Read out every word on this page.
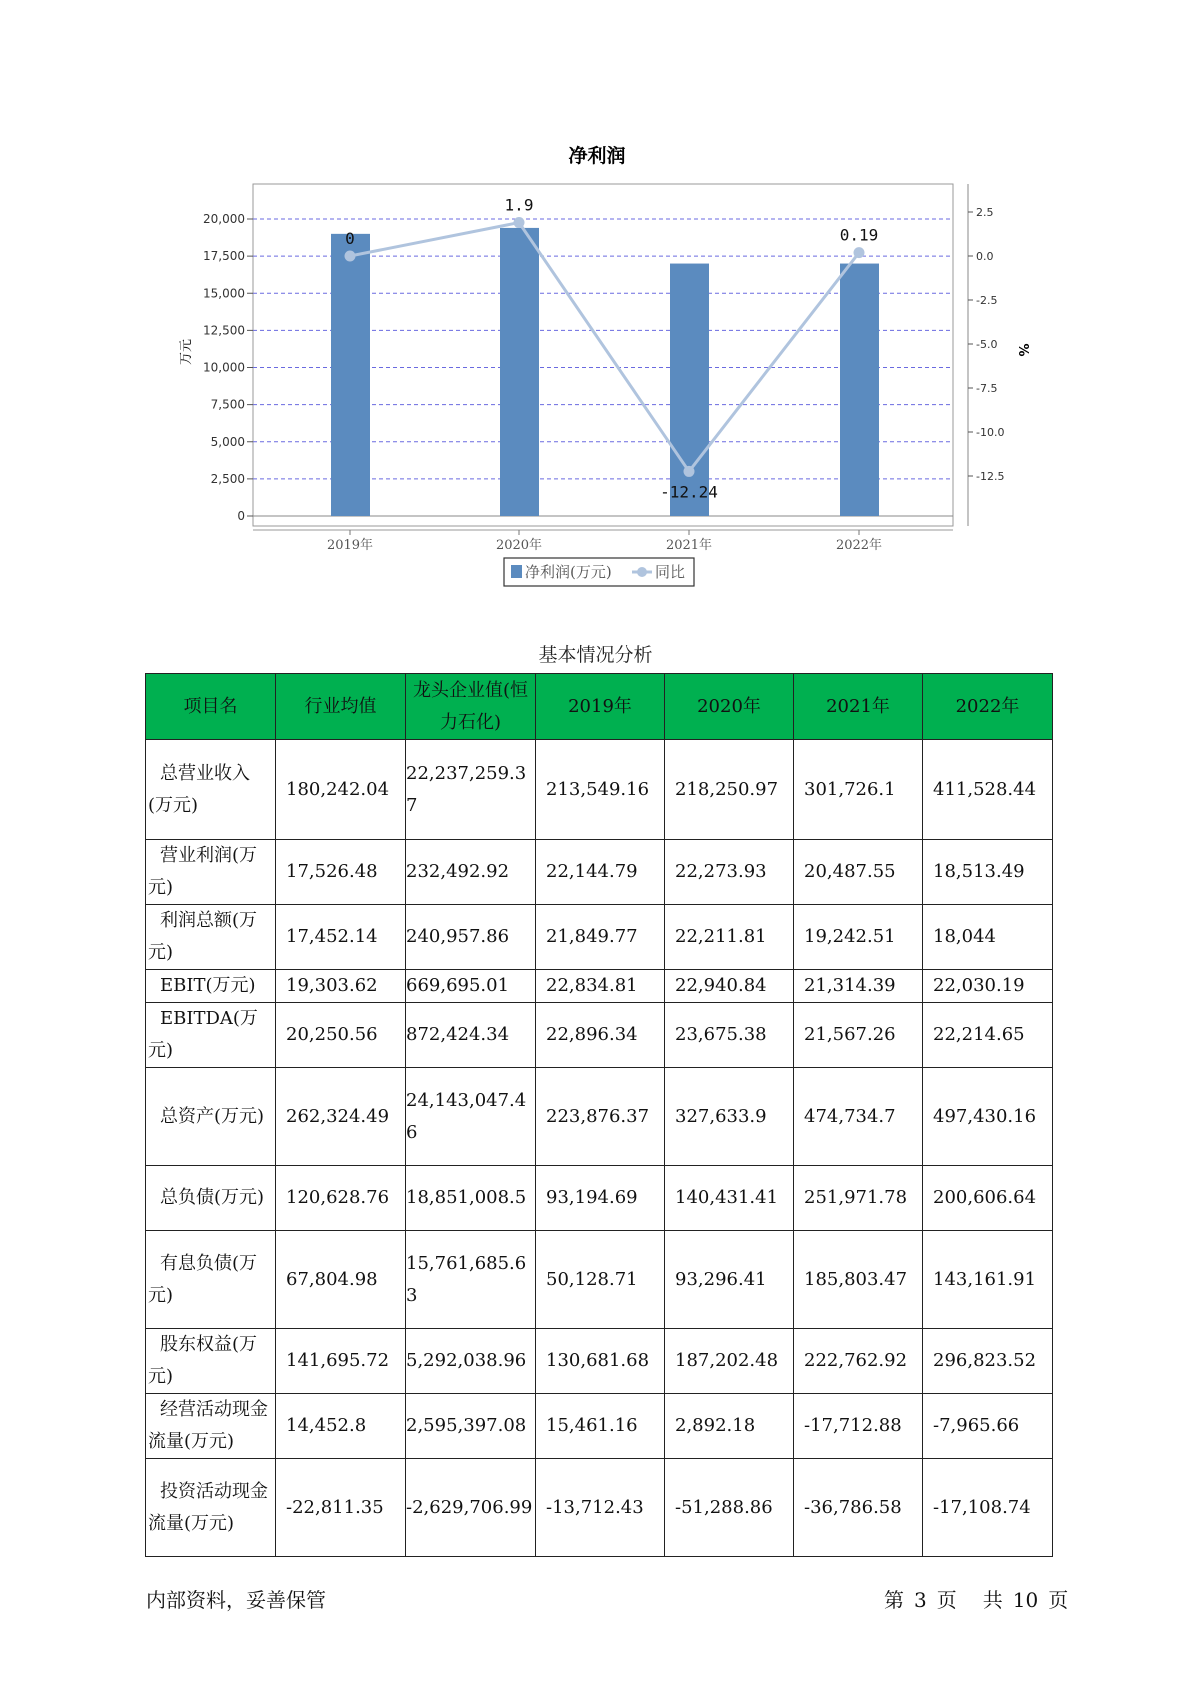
净利润
0
2,500
5,000
7,500
10,000
12,500
15,000
17,500
20,000	2.5
0.0
-2.5
-5.0
-7.5
-10.0
-12.5
0
1.9
-12.24
0.19
2019年	2020年	2021年	2022年
万元	%
净利润(万元)	同比
基本情况分析
项目名	行业均值	龙头企业值(恒力石化)	2019年	2020年	2021年	2022年
总营业收入(万元)	180,242.04	22,237,259.37	213,549.16	218,250.97	301,726.1	411,528.44
营业利润(万元)	17,526.48	232,492.92	22,144.79	22,273.93	20,487.55	18,513.49
利润总额(万元)	17,452.14	240,957.86	21,849.77	22,211.81	19,242.51	18,044
EBIT(万元)	19,303.62	669,695.01	22,834.81	22,940.84	21,314.39	22,030.19
EBITDA(万元)	20,250.56	872,424.34	22,896.34	23,675.38	21,567.26	22,214.65
总资产(万元)	262,324.49	24,143,047.46	223,876.37	327,633.9	474,734.7	497,430.16
总负债(万元)	120,628.76	18,851,008.5	93,194.69	140,431.41	251,971.78	200,606.64
有息负债(万元)	67,804.98	15,761,685.63	50,128.71	93,296.41	185,803.47	143,161.91
股东权益(万元)	141,695.72	5,292,038.96	130,681.68	187,202.48	222,762.92	296,823.52
经营活动现金流量(万元)	14,452.8	2,595,397.08	15,461.16	2,892.18	-17,712.88	-7,965.66
投资活动现金流量(万元)	-22,811.35	-2,629,706.99	-13,712.43	-51,288.86	-36,786.58	-17,108.74
内部资料，妥善保管	第 3 页 共 10 页
